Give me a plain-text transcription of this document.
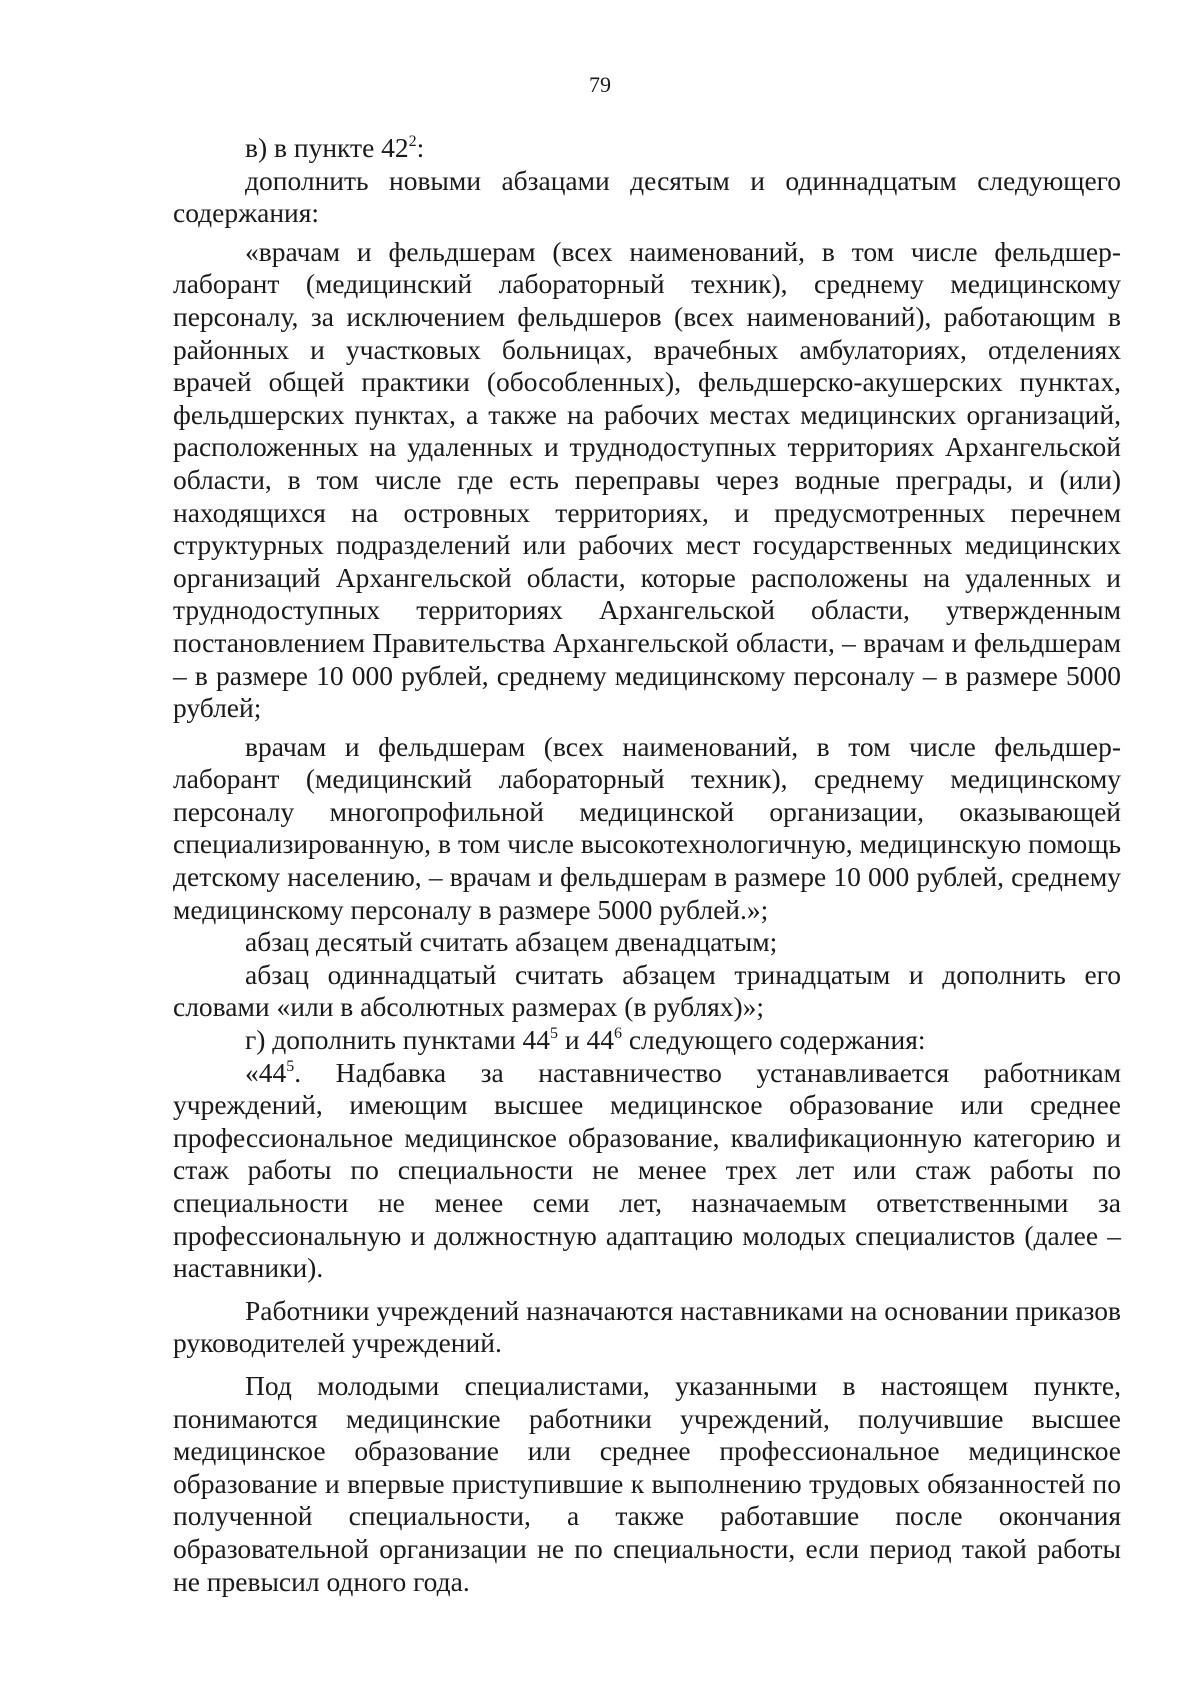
79

в) в пункте $42^2$:

дополнить новыми абзацами десятым и одиннадцатым следующего содержания:

«врачам и фельдшерам (всех наименований, в том числе фельдшер-лаборант (медицинский лабораторный техник), среднему медицинскому персоналу, за исключением фельдшеров (всех наименований), работающим в районных и участковых больницах, врачебных амбулаториях, отделениях врачей общей практики (обособленных), фельдшерско-акушерских пунктах, фельдшерских пунктах, а также на рабочих местах медицинских организаций, расположенных на удаленных и труднодоступных территориях Архангельской области, в том числе где есть переправы через водные преграды, и (или) находящихся на островных территориях, и предусмотренных перечнем структурных подразделений или рабочих мест государственных медицинских организаций Архангельской области, которые расположены на удаленных и труднодоступных территориях Архангельской области, утвержденным постановлением Правительства Архангельской области, – врачам и фельдшерам – в размере 10 000 рублей, среднему медицинскому персоналу – в размере 5000 рублей;

врачам и фельдшерам (всех наименований, в том числе фельдшер-лаборант (медицинский лабораторный техник), среднему медицинскому персоналу многопрофильной медицинской организации, оказывающей специализированную, в том числе высокотехнологичную, медицинскую помощь детскому населению, – врачам и фельдшерам в размере 10 000 рублей, среднему медицинскому персоналу в размере 5000 рублей.»;

абзац десятый считать абзацем двенадцатым;

абзац одиннадцатый считать абзацем тринадцатым и дополнить его словами «или в абсолютных размерах (в рублях)»;

г) дополнить пунктами $44^5$ и $44^6$ следующего содержания:

«$44^5$. Надбавка за наставничество устанавливается работникам учреждений, имеющим высшее медицинское образование или среднее профессиональное медицинское образование, квалификационную категорию и стаж работы по специальности не менее трех лет или стаж работы по специальности не менее семи лет, назначаемым ответственными за профессиональную и должностную адаптацию молодых специалистов (далее – наставники).

Работники учреждений назначаются наставниками на основании приказов руководителей учреждений.

Под молодыми специалистами, указанными в настоящем пункте, понимаются медицинские работники учреждений, получившие высшее медицинское образование или среднее профессиональное медицинское образование и впервые приступившие к выполнению трудовых обязанностей по полученной специальности, а также работавшие после окончания образовательной организации не по специальности, если период такой работы не превысил одного года.
